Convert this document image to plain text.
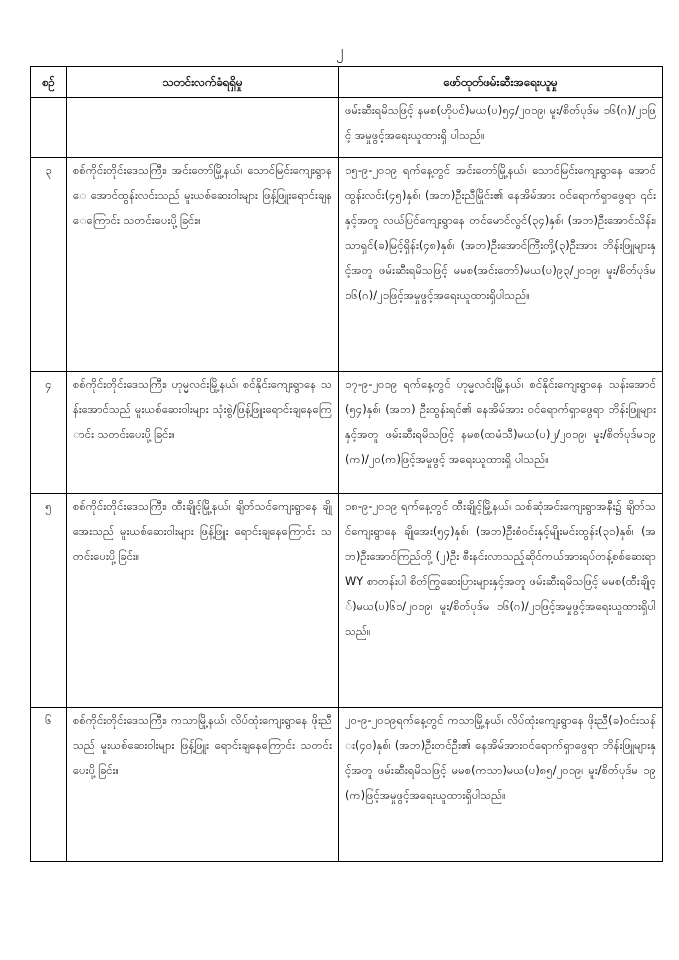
၂
စဉ်	သတင်းလက်ခံရရှိမှု	ဖော်ထုတ်ဖမ်းဆီးအရေးယူမှု
		ဖမ်းဆီးရမိသဖြင့် နမစ(ဟိုပင်)မယ(ပ)၅၄/၂၀၁၉၊ မူး/စိတ်ပုဒ်မ ၁၆(ဂ)/၂၁ဖြင့် အမှုဖွင့်အရေးယူထားရှိ ပါသည်။
၃	စစ်ကိုင်းတိုင်းဒေသကြီး၊ အင်းတော်မြို့နယ်၊ သောင်မြင်းကျေးရွာနေ အောင်ထွန်းလင်းသည် မူးယစ်ဆေးဝါးများ ဖြန့်ဖြူးရောင်းချနေကြောင်း သတင်းပေးပို့ခြင်း။	၁၅-၉-၂၀၁၉ ရက်နေ့တွင် အင်းတော်မြို့နယ်၊ သောင်မြင်းကျေးရွာနေ အောင်ထွန်းလင်း(၄၅)နှစ်၊ (အဘ)ဦးညီမြိုင်း၏ နေအိမ်အား ဝင်ရောက်ရှာဖွေရာ ၎င်းနှင့်အတူ လယ်ပြင်ကျေးရွာနေ တင်မောင်လွင်(၃၄)နှစ်၊ (အဘ)ဦးအောင်သိန်း၊ သာရှင်(ခ)မြင့်ရှိန်း(၄၈)နှစ်၊ (အဘ)ဦးအောင်ကြီးတို့(၃)ဦးအား ဘိန်းဖြူများနှင့်အတူ ဖမ်းဆီးရမိသဖြင့် မမစ(အင်းတော်)မယ(ပ)၉၃/၂၀၁၉၊ မူး/စိတ်ပုဒ်မ ၁၆(ဂ)/၂၁ဖြင့်အမှုဖွင့်အရေးယူထားရှိပါသည်။
၄	စစ်ကိုင်းတိုင်းဒေသကြီး၊ ဟုမ္မလင်းမြို့နယ်၊ စင်နိုင်းကျေးရွာနေ သန်းအောင်သည် မူးယစ်ဆေးဝါးများ သုံးစွဲ/ဖြန့်ဖြူးရောင်းချနေကြောင်း သတင်းပေးပို့ခြင်း။	၁၇-၉-၂၀၁၉ ရက်နေ့တွင် ဟုမ္မလင်းမြို့နယ်၊ စင်နိုင်းကျေးရွာနေ သန်းအောင်(၅၄)နှစ်၊ (အဘ) ဦးထွန်းရင်၏ နေအိမ်အား ဝင်ရောက်ရှာဖွေရာ ဘိန်းဖြူများနှင့်အတူ ဖမ်းဆီးရမိသဖြင့် နမစ(ထမံသီ)မယ(ပ)၂/၂၀၁၉၊ မူး/စိတ်ပုဒ်မ၁၉(က)/၂၀(က)ဖြင့်အမှုဖွင့် အရေးယူထားရှိ ပါသည်။
၅	စစ်ကိုင်းတိုင်းဒေသကြီး၊ ထီးချိုင့်မြို့နယ်၊ ချိတ်သင်ကျေးရွာနေ ချိုအေးသည် မူးယစ်ဆေးဝါးများ ဖြန့်ဖြူး ရောင်းချနေကြောင်း သတင်းပေးပို့ခြင်း။	၁၈-၉-၂၀၁၉ ရက်နေ့တွင် ထီးချိုင့်မြို့နယ်၊ သစ်ဆုံအင်းကျေးရွာအနီး၌ ချိတ်သင်ကျေးရွာနေ ချိုအေး(၅၄)နှစ်၊ (အဘ)ဦးစံဝင်းနှင့်မျိုးမင်းထွန်း(၃၁)နှစ်၊ (အဘ)ဦးအောင်ကြည်တို့ (၂)ဦး စီးနင်းလာသည့်ဆိုင်ကယ်အားရပ်တန့်စစ်ဆေးရာ WY စာတန်းပါ စိတ်ကြွဆေးပြားများနှင့်အတူ ဖမ်းဆီးရမိသဖြင့် မမစ(ထီးချိုင့်)မယ(ပ)၆၁/၂၀၁၉၊ မူး/စိတ်ပုဒ်မ ၁၆(ဂ)/၂၁ဖြင့်အမှုဖွင့်အရေးယူထားရှိပါသည်။
၆	စစ်ကိုင်းတိုင်းဒေသကြီး၊ ကသာမြို့နယ်၊ လိပ်ထုံးကျေးရွာနေ ဖိုးညီသည် မူးယစ်ဆေးဝါးများ ဖြန့်ဖြူး ရောင်းချနေကြောင်း သတင်း ပေးပို့ခြင်း။	၂၀-၉-၂၀၁၉ရက်နေ့တွင် ကသာမြို့နယ်၊ လိပ်ထုံးကျေးရွာနေ ဖိုးညီ(ခ)ဝင်းသန်း(၄၀)နှစ်၊ (အဘ)ဦးတင်ဦး၏ နေအိမ်အားဝင်ရောက်ရှာဖွေရာ ဘိန်းဖြူများနှင့်အတူ ဖမ်းဆီးရမိသဖြင့် မမစ(ကသာ)မယ(ပ)၈၅/၂၀၁၉၊ မူး/စိတ်ပုဒ်မ ၁၉(က)ဖြင့်အမှုဖွင့်အရေးယူထားရှိပါသည်။
